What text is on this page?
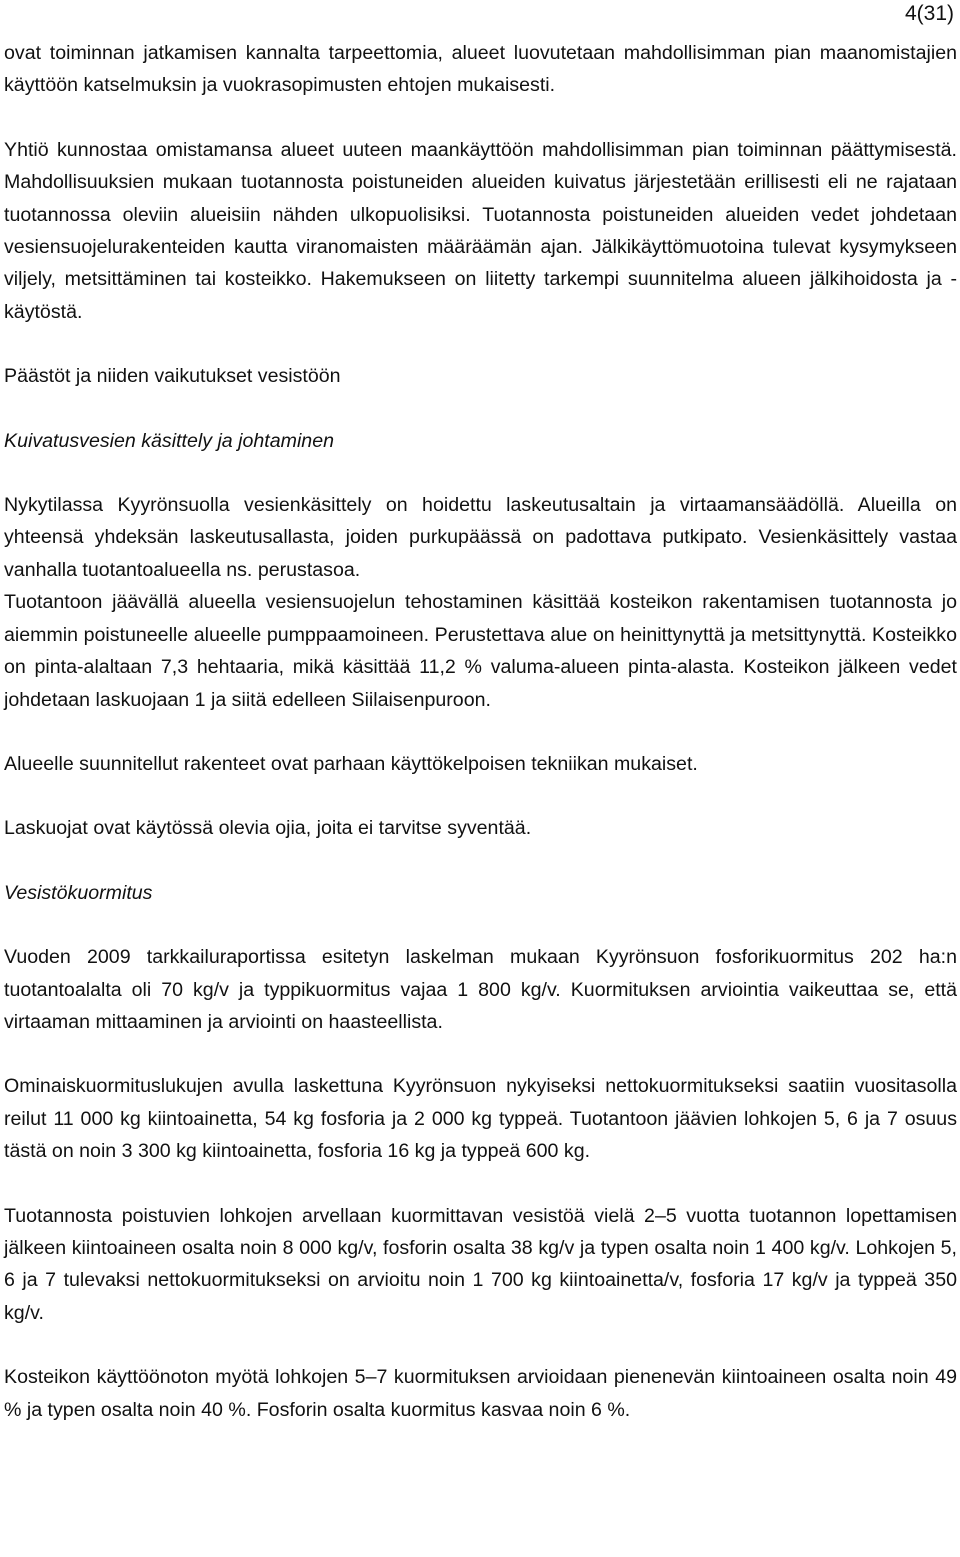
4(31)

ovat toiminnan jatkamisen kannalta tarpeettomia, alueet luovutetaan mahdollisimman pian maanomistajien käyttöön katselmuksin ja vuokrasopimusten ehtojen mukaisesti.

Yhtiö kunnostaa omistamansa alueet uuteen maankäyttöön mahdollisimman pian toiminnan päättymisestä. Mahdollisuuksien mukaan tuotannosta poistuneiden alueiden kuivatus järjestetään erillisesti eli ne rajataan tuotannossa oleviin alueisiin nähden ulkopuolisiksi. Tuotannosta poistuneiden alueiden vedet johdetaan vesiensuojelurakenteiden kautta viranomaisten määräämän ajan. Jälkikäyttömuotoina tulevat kysymykseen viljely, metsittäminen tai kosteikko. Hakemukseen on liitetty tarkempi suunnitelma alueen jälkihoidosta ja -käytöstä.

Päästöt ja niiden vaikutukset vesistöön

Kuivatusvesien käsittely ja johtaminen

Nykytilassa Kyyrönsuolla vesienkäsittely on hoidettu laskeutusaltain ja virtaamansäädöllä. Alueilla on yhteensä yhdeksän laskeutusallasta, joiden purkupäässä on padottava putkipato. Vesienkäsittely vastaa vanhalla tuotantoalueella ns. perustasoa.

Tuotantoon jäävällä alueella vesiensuojelun tehostaminen käsittää kosteikon rakentamisen tuotannosta jo aiemmin poistuneelle alueelle pumppaamoineen. Perustettava alue on heinittynyttä ja metsittynyttä. Kosteikko on pinta-alaltaan 7,3 hehtaaria, mikä käsittää 11,2 % valuma-alueen pinta-alasta. Kosteikon jälkeen vedet johdetaan laskuojaan 1 ja siitä edelleen Siilaisenpuroon.

Alueelle suunnitellut rakenteet ovat parhaan käyttökelpoisen tekniikan mukaiset.

Laskuojat ovat käytössä olevia ojia, joita ei tarvitse syventää.

Vesistökuormitus

Vuoden 2009 tarkkailuraportissa esitetyn laskelman mukaan Kyyrönsuon fosforikuormitus 202 ha:n tuotantoalalta oli 70 kg/v ja typpikuormitus vajaa 1 800 kg/v. Kuormituksen arviointia vaikeuttaa se, että virtaaman mittaaminen ja arviointi on haasteellista.

Ominaiskuormituslukujen avulla laskettuna Kyyrönsuon nykyiseksi nettokuormitukseksi saatiin vuositasolla reilut 11 000 kg kiintoainetta, 54 kg fosforia ja 2 000 kg typpeä. Tuotantoon jäävien lohkojen 5, 6 ja 7 osuus tästä on noin 3 300 kg kiintoainetta, fosforia 16 kg ja typpeä 600 kg.

Tuotannosta poistuvien lohkojen arvellaan kuormittavan vesistöä vielä 2–5 vuotta tuotannon lopettamisen jälkeen kiintoaineen osalta noin 8 000 kg/v, fosforin osalta 38 kg/v ja typen osalta noin 1 400 kg/v. Lohkojen 5, 6 ja 7 tulevaksi nettokuormitukseksi on arvioitu noin 1 700 kg kiintoainetta/v, fosforia 17 kg/v ja typpeä 350 kg/v.

Kosteikon käyttöönoton myötä lohkojen 5–7 kuormituksen arvioidaan pienenevän kiintoaineen osalta noin 49 % ja typen osalta noin 40 %. Fosforin osalta kuormitus kasvaa noin 6 %.
